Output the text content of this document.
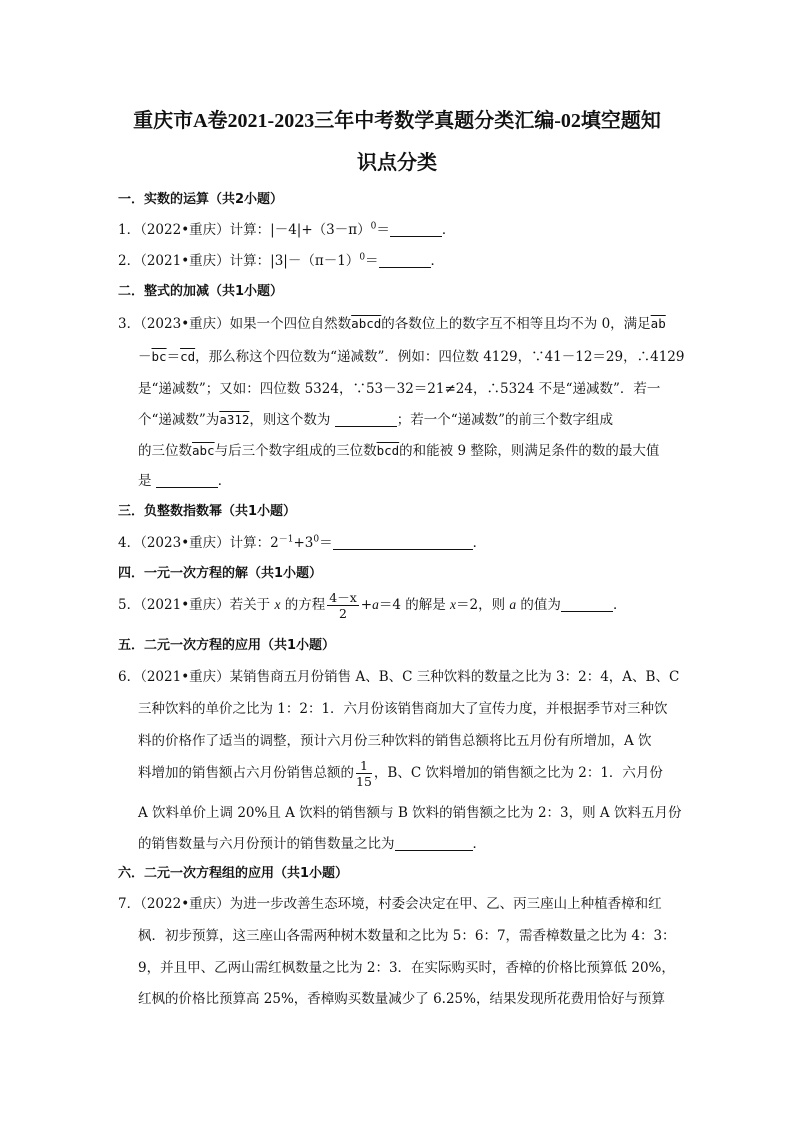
重庆市A卷2021-2023三年中考数学真题分类汇编-02填空题知
识点分类
一．实数的运算（共2小题）
1．（2022•重庆）计算：$|-4|+(3-\pi)^0=$	．
2．（2021•重庆）计算：$|3|-(\pi-1)^0=$	．
二．整式的加减（共1小题）
3．（2023•重庆）如果一个四位自然数abcd的各数位上的数字互不相等且均不为 0，满足$\overline{ab}$
$-\overline{bc}=\overline{cd}$，那么称这个四位数为“递减数”．例如：四位数 4129，∵41－12＝29，∴4129
是“递减数”；又如：四位数 5324，∵53－32＝21≠24，∴5324 不是“递减数”．若一
个“递减数”为a312，则这个数为	；若一个“递减数”的前三个数字组成
的三位数$\overline{abc}$与后三个数字组成的三位数$\overline{bcd}$的和能被 9 整除，则满足条件的数的最大值
是	．
三．负整数指数幂（共1小题）
4．（2023•重庆）计算：$2^{-1}+3^0=$	．
四．一元一次方程的解（共1小题）
5．（2021•重庆）若关于 x 的方程 $\frac{4-x}{2} +a=4$ 的解是 x＝2，则 a 的值为	．
五．二元一次方程的应用（共1小题）
6．（2021•重庆）某销售商五月份销售 A、B、C 三种饮料的数量之比为 3：2：4，A、B、C
三种饮料的单价之比为 1：2：1．六月份该销售商加大了宣传力度，并根据季节对三种饮
料的价格作了适当的调整，预计六月份三种饮料的销售总额将比五月份有所增加，A 饮
料增加的销售额占六月份销售总额的 $\frac{1}{15}$ ，B、C 饮料增加的销售额之比为 2：1．六月份
A 饮料单价上调 20%且 A 饮料的销售额与 B 饮料的销售额之比为 2：3，则 A 饮料五月份
的销售数量与六月份预计的销售数量之比为	．
六．二元一次方程组的应用（共1小题）
7．（2022•重庆）为进一步改善生态环境，村委会决定在甲、乙、丙三座山上种植香樟和红
枫．初步预算，这三座山各需两种树木数量和之比为 5：6：7，需香樟数量之比为 4：3：
9，并且甲、乙两山需红枫数量之比为 2：3．在实际购买时，香樟的价格比预算低 20%，
红枫的价格比预算高 25%，香樟购买数量减少了 6.25%，结果发现所花费用恰好与预算
